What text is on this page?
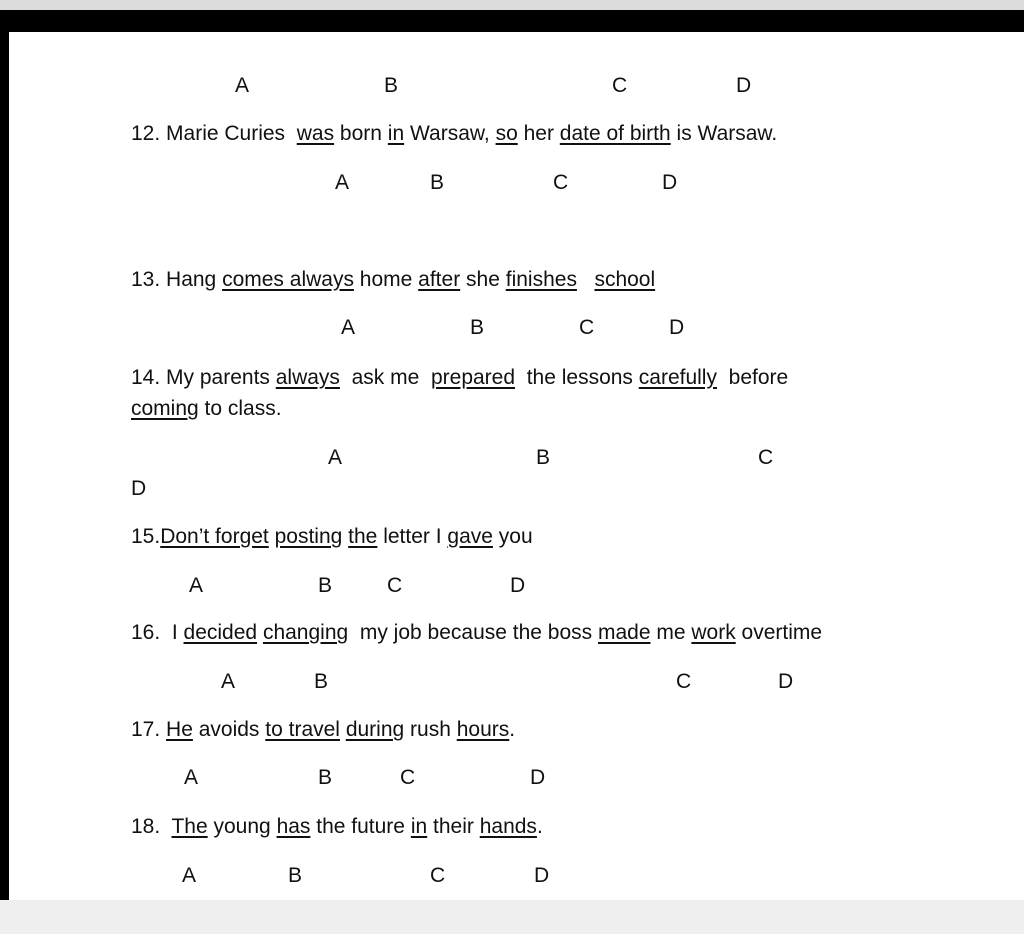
A	B	C	D
12. Marie Curies  was born in Warsaw, so her date of birth is Warsaw.
A	B	C	D
13. Hang comes always home after she finishes school
A	B	C	D
14. My parents always  ask me  prepared  the lessons carefully  before
coming to class.
A	B	C
D
15.Don’t forget posting the letter I gave you
A	B	C	D
16.  I decided changing  my job because the boss made me work overtime
A	B	C	D
17. He avoids to travel during rush hours.
A	B	C	D
18.  The young has the future in their hands.
A	B	C	D
